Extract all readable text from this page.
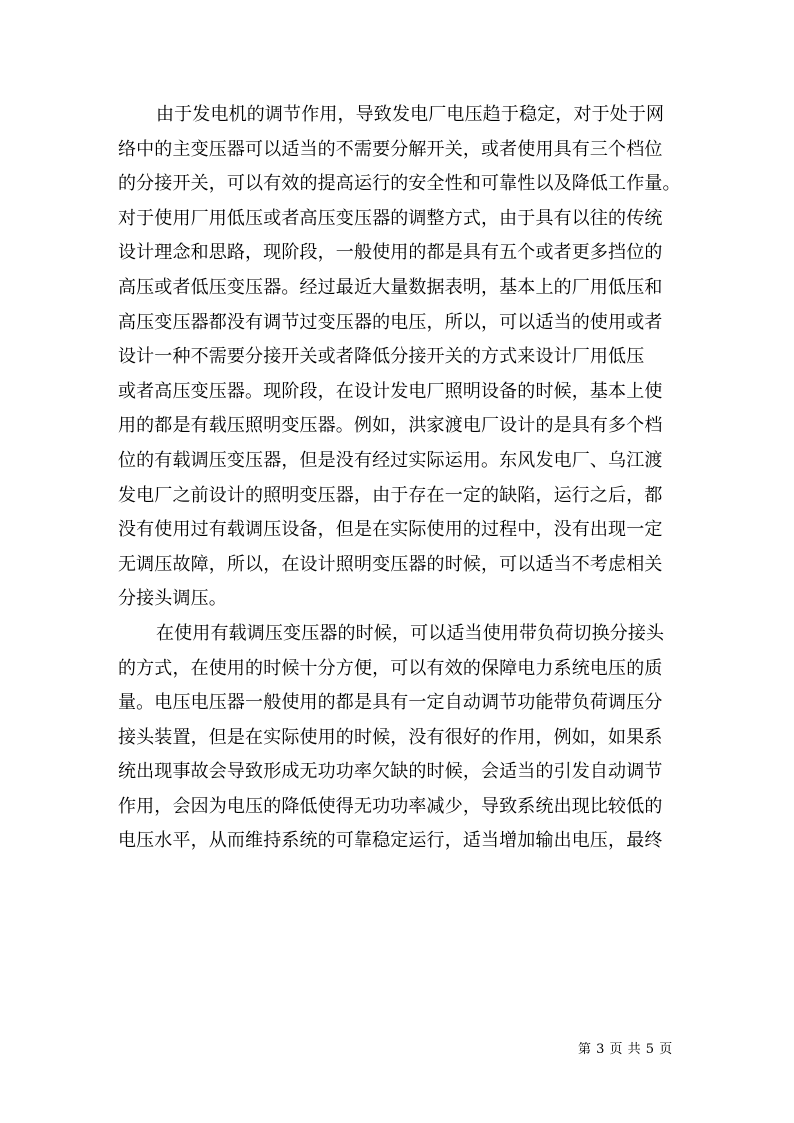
由于发电机的调节作用，导致发电厂电压趋于稳定，对于处于网
络中的主变压器可以适当的不需要分解开关，或者使用具有三个档位
的分接开关，可以有效的提高运行的安全性和可靠性以及降低工作量。
对于使用厂用低压或者高压变压器的调整方式，由于具有以往的传统
设计理念和思路，现阶段，一般使用的都是具有五个或者更多挡位的
高压或者低压变压器。经过最近大量数据表明，基本上的厂用低压和
高压变压器都没有调节过变压器的电压，所以，可以适当的使用或者
设计一种不需要分接开关或者降低分接开关的方式来设计厂用低压
或者高压变压器。现阶段，在设计发电厂照明设备的时候，基本上使
用的都是有载压照明变压器。例如，洪家渡电厂设计的是具有多个档
位的有载调压变压器，但是没有经过实际运用。东风发电厂、乌江渡
发电厂之前设计的照明变压器，由于存在一定的缺陷，运行之后，都
没有使用过有载调压设备，但是在实际使用的过程中，没有出现一定
无调压故障，所以，在设计照明变压器的时候，可以适当不考虑相关
分接头调压。
在使用有载调压变压器的时候，可以适当使用带负荷切换分接头
的方式，在使用的时候十分方便，可以有效的保障电力系统电压的质
量。电压电压器一般使用的都是具有一定自动调节功能带负荷调压分
接头装置，但是在实际使用的时候，没有很好的作用，例如，如果系
统出现事故会导致形成无功功率欠缺的时候，会适当的引发自动调节
作用，会因为电压的降低使得无功功率减少，导致系统出现比较低的
电压水平，从而维持系统的可靠稳定运行，适当增加输出电压，最终
第 3 页 共 5 页
